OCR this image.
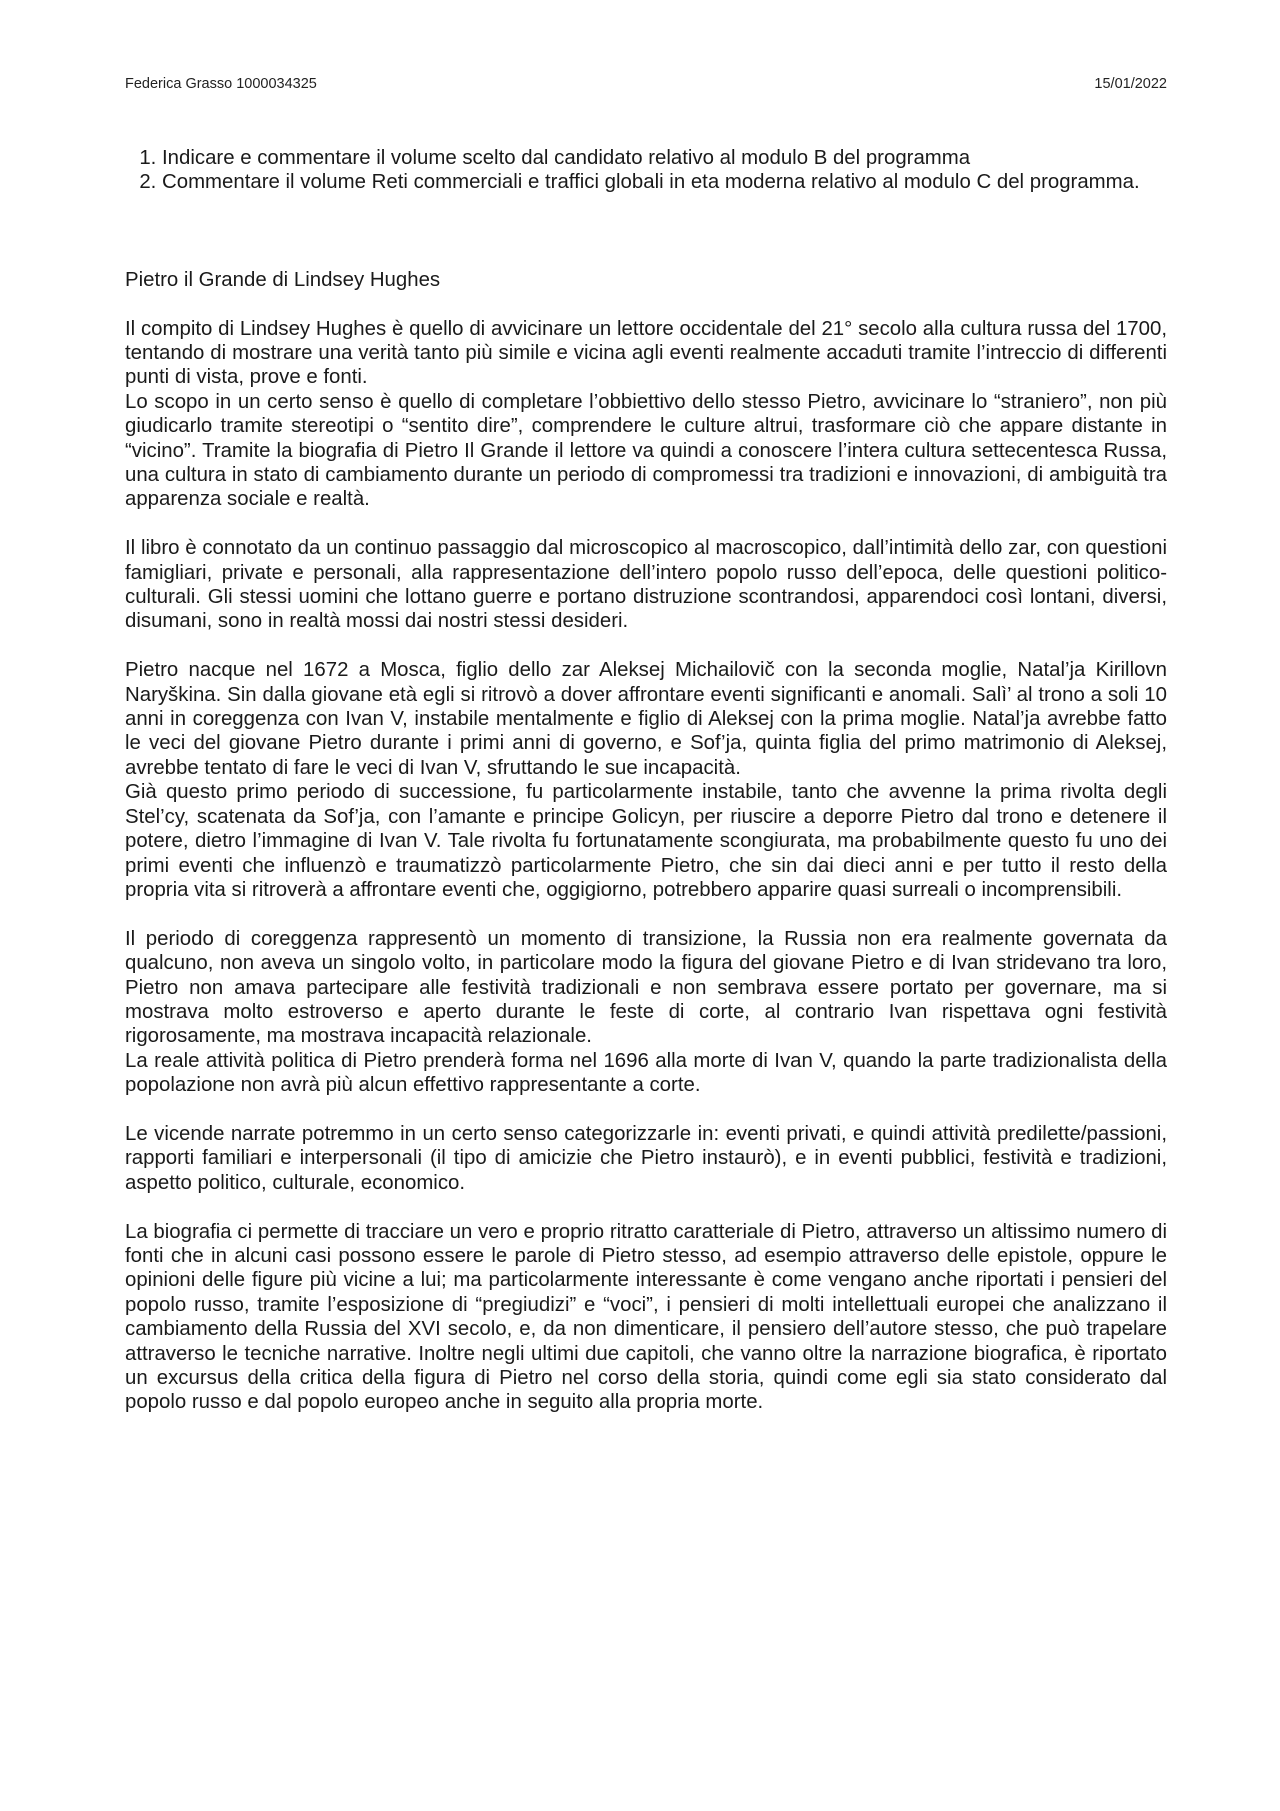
Federica Grasso 1000034325	15/01/2022
1. Indicare e commentare il volume scelto dal candidato relativo al modulo B del programma
2. Commentare il volume Reti commerciali e traffici globali in eta moderna relativo al modulo C del programma.
Pietro il Grande di Lindsey Hughes

Il compito di Lindsey Hughes è quello di avvicinare un lettore occidentale del 21° secolo alla cultura russa del 1700, tentando di mostrare una verità tanto più simile e vicina agli eventi realmente accaduti tramite l’intreccio di differenti punti di vista, prove e fonti.

Lo scopo in un certo senso è quello di completare l’obbiettivo dello stesso Pietro, avvicinare lo “straniero”, non più giudicarlo tramite stereotipi o “sentito dire”, comprendere le culture altrui, trasformare ciò che appare distante in “vicino”. Tramite la biografia di Pietro Il Grande il lettore va quindi a conoscere l’intera cultura settecentesca Russa, una cultura in stato di cambiamento durante un periodo di compromessi tra tradizioni e innovazioni, di ambiguità tra apparenza sociale e realtà.

Il libro è connotato da un continuo passaggio dal microscopico al macroscopico, dall’intimità dello zar, con questioni famigliari, private e personali, alla rappresentazione dell’intero popolo russo dell’epoca, delle questioni politico-culturali. Gli stessi uomini che lottano guerre e portano distruzione scontrandosi, apparendoci così lontani, diversi, disumani, sono in realtà mossi dai nostri stessi desideri.

Pietro nacque nel 1672 a Mosca, figlio dello zar Aleksej Michailovič con la seconda moglie, Natal’ja Kirillovn Naryškina. Sin dalla giovane età egli si ritrovò a dover affrontare eventi significanti e anomali. Salì’ al trono a soli 10 anni in coreggenza con Ivan V, instabile mentalmente e figlio di Aleksej con la prima moglie. Natal’ja avrebbe fatto le veci del giovane Pietro durante i primi anni di governo, e Sof’ja, quinta figlia del primo matrimonio di Aleksej, avrebbe tentato di fare le veci di Ivan V, sfruttando le sue incapacità.

Già questo primo periodo di successione, fu particolarmente instabile, tanto che avvenne la prima rivolta degli Stel’cy, scatenata da Sof’ja, con l’amante e principe Golicyn, per riuscire a deporre Pietro dal trono e detenere il potere, dietro l’immagine di Ivan V. Tale rivolta fu fortunatamente scongiurata, ma probabilmente questo fu uno dei primi eventi che influenzò e traumatizzò particolarmente Pietro, che sin dai dieci anni e per tutto il resto della propria vita si ritroverà a affrontare eventi che, oggigiorno, potrebbero apparire quasi surreali o incomprensibili.

Il periodo di coreggenza rappresentò un momento di transizione, la Russia non era realmente governata da qualcuno, non aveva un singolo volto, in particolare modo la figura del giovane Pietro e di Ivan stridevano tra loro, Pietro non amava partecipare alle festività tradizionali e non sembrava essere portato per governare, ma si mostrava molto estroverso e aperto durante le feste di corte, al contrario Ivan rispettava ogni festività rigorosamente, ma mostrava incapacità relazionale.

La reale attività politica di Pietro prenderà forma nel 1696 alla morte di Ivan V, quando la parte tradizionalista della popolazione non avrà più alcun effettivo rappresentante a corte.

Le vicende narrate potremmo in un certo senso categorizzarle in: eventi privati, e quindi attività predilette/passioni, rapporti familiari e interpersonali (il tipo di amicizie che Pietro instaurò), e in eventi pubblici, festività e tradizioni, aspetto politico, culturale, economico.

La biografia ci permette di tracciare un vero e proprio ritratto caratteriale di Pietro, attraverso un altissimo numero di fonti che in alcuni casi possono essere le parole di Pietro stesso, ad esempio attraverso delle epistole, oppure le opinioni delle figure più vicine a lui; ma particolarmente interessante è come vengano anche riportati i pensieri del popolo russo, tramite l’esposizione di “pregiudizi” e “voci”, i pensieri di molti intellettuali europei che analizzano il cambiamento della Russia del XVI secolo, e, da non dimenticare, il pensiero dell’autore stesso, che può trapelare attraverso le tecniche narrative. Inoltre negli ultimi due capitoli, che vanno oltre la narrazione biografica, è riportato un excursus della critica della figura di Pietro nel corso della storia, quindi come egli sia stato considerato dal popolo russo e dal popolo europeo anche in seguito alla propria morte.
